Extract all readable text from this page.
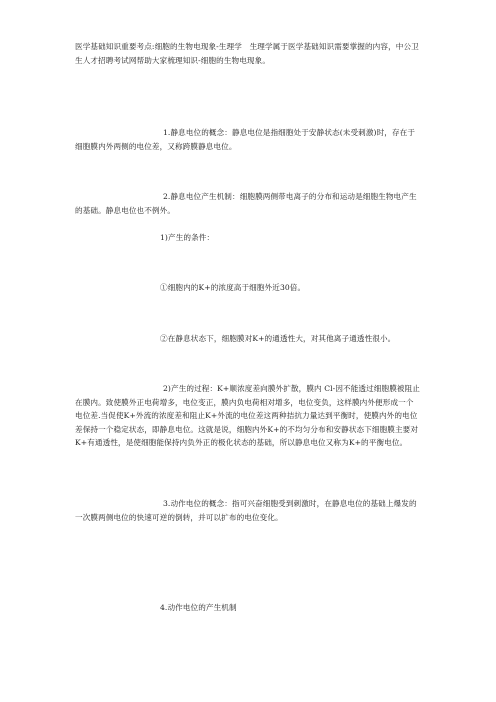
医学基础知识重要考点:细胞的生物电现象-生理学　生理学属于医学基础知识需要掌握的内容，中公卫生人才招聘考试网帮助大家梳理知识-细胞的生物电现象。

1.静息电位的概念：静息电位是指细胞处于安静状态(未受刺激)时，存在于细胞膜内外两侧的电位差，又称跨膜静息电位。

2.静息电位产生机制：细胞膜两侧带电离子的分布和运动是细胞生物电产生的基础。静息电位也不例外。

1)产生的条件：

①细胞内的K+的浓度高于细胞外近30倍。

②在静息状态下，细胞膜对K+的通透性大，对其他离子通透性很小。

2)产生的过程：K+顺浓度差向膜外扩散，膜内 Cl-因不能透过细胞膜被阻止在膜内。致使膜外正电荷增多，电位变正，膜内负电荷相对增多，电位变负，这样膜内外便形成一个电位差.当促使K+外流的浓度差和阻止K+外流的电位差这两种拮抗力量达到平衡时，使膜内外的电位差保持一个稳定状态，即静息电位。这就是说，细胞内外K+的不均匀分布和安静状态下细胞膜主要对K+有通透性，是使细胞能保持内负外正的极化状态的基础，所以静息电位又称为K+的平衡电位。

3.动作电位的概念：指可兴奋细胞受到刺激时，在静息电位的基础上爆发的一次膜两侧电位的快速可逆的倒转，并可以扩布的电位变化。

4.动作电位的产生机制
